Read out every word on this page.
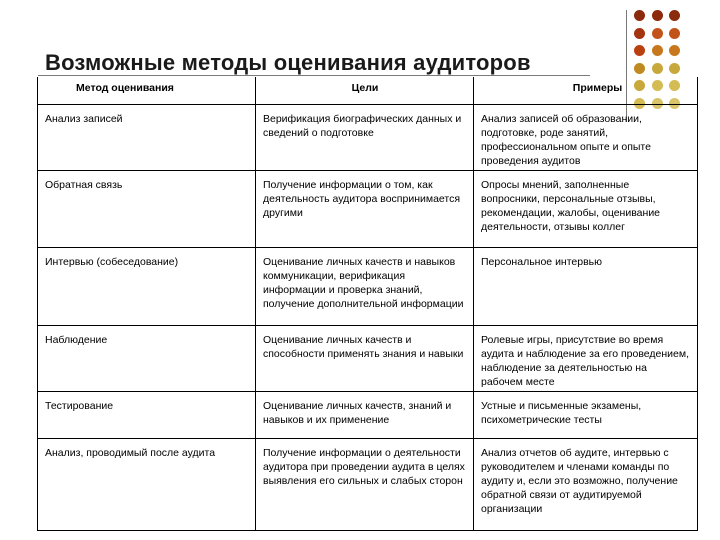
Возможные методы оценивания аудиторов
Метод оценивания	Цели	Примеры
Анализ записей	Верификация биографических данных и сведений о подготовке	Анализ записей об образовании, подготовке, роде занятий, профессиональном опыте и опыте проведения аудитов
Обратная связь	Получение информации о том, как деятельность аудитора воспринимается другими	Опросы мнений, заполненные вопросники, персональные отзывы, рекомендации, жалобы, оценивание деятельности, отзывы коллег
Интервью (собеседование)	Оценивание личных качеств и навыков коммуникации, верификация информации и проверка знаний, получение дополнительной информации	Персональное интервью
Наблюдение	Оценивание личных качеств и способности применять знания и навыки	Ролевые игры, присутствие во время аудита и наблюдение за его проведением, наблюдение за деятельностью на рабочем месте
Тестирование	Оценивание личных качеств, знаний и навыков и их применение	Устные и письменные экзамены, психометрические тесты
Анализ, проводимый после аудита	Получение информации о деятельности аудитора при проведении аудита в целях выявления его сильных и слабых сторон	Анализ отчетов об аудите, интервью с руководителем и членами команды по аудиту и, если это возможно, получение обратной связи от аудитируемой организации
